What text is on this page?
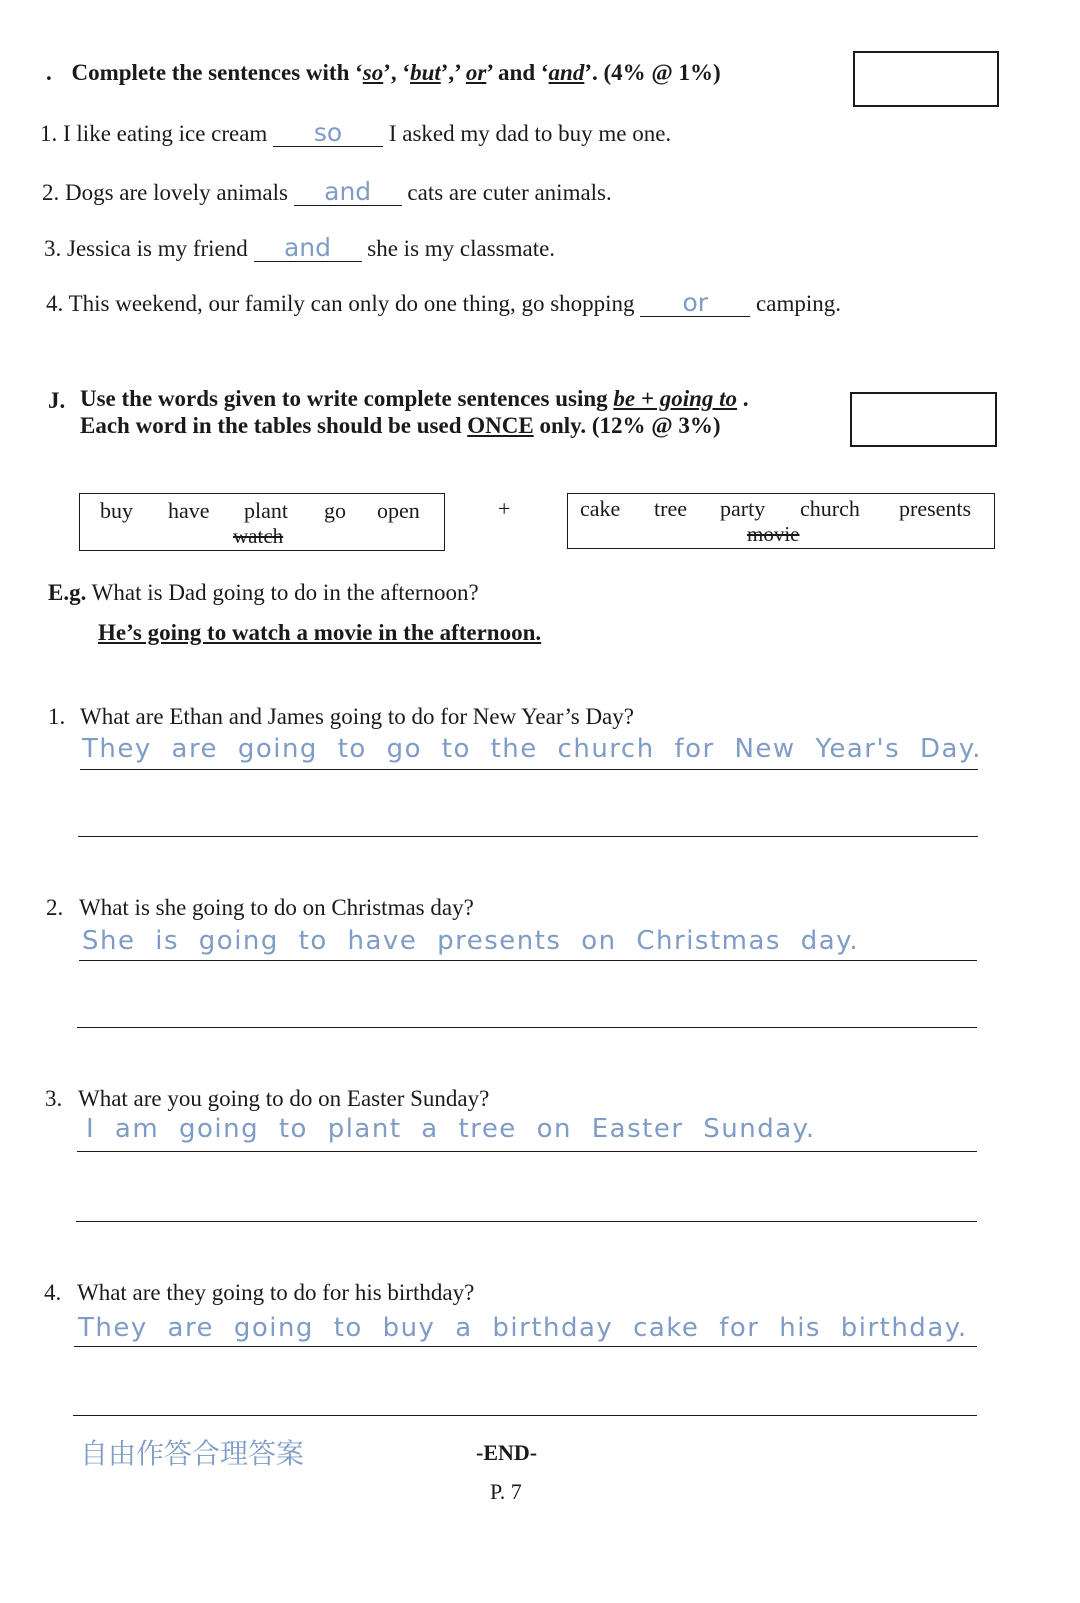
. Complete the sentences with ‘so’, ‘but’,’ or’ and ‘and’. (4% @ 1%)
1. I like eating ice cream so I asked my dad to buy me one.
2. Dogs are lovely animals and cats are cuter animals.
3. Jessica is my friend and she is my classmate.
4. This weekend, our family can only do one thing, go shopping or camping.
J. Use the words given to write complete sentences using be + going to .
Each word in the tables should be used ONCE only. (12% @ 3%)
buy have plant go open
watch
+	cake tree party church presents
movie
E.g. What is Dad going to do in the afternoon?
He’s going to watch a movie in the afternoon.
1. What are Ethan and James going to do for New Year’s Day?
They are going to go to the church for New Year's Day.
2. What is she going to do on Christmas day?
She is going to have presents on Christmas day.
3. What are you going to do on Easter Sunday?
I am going to plant a tree on Easter Sunday.
4. What are they going to do for his birthday?
They are going to buy a birthday cake for his birthday.
自由作答合理答案	-END-
P. 7
